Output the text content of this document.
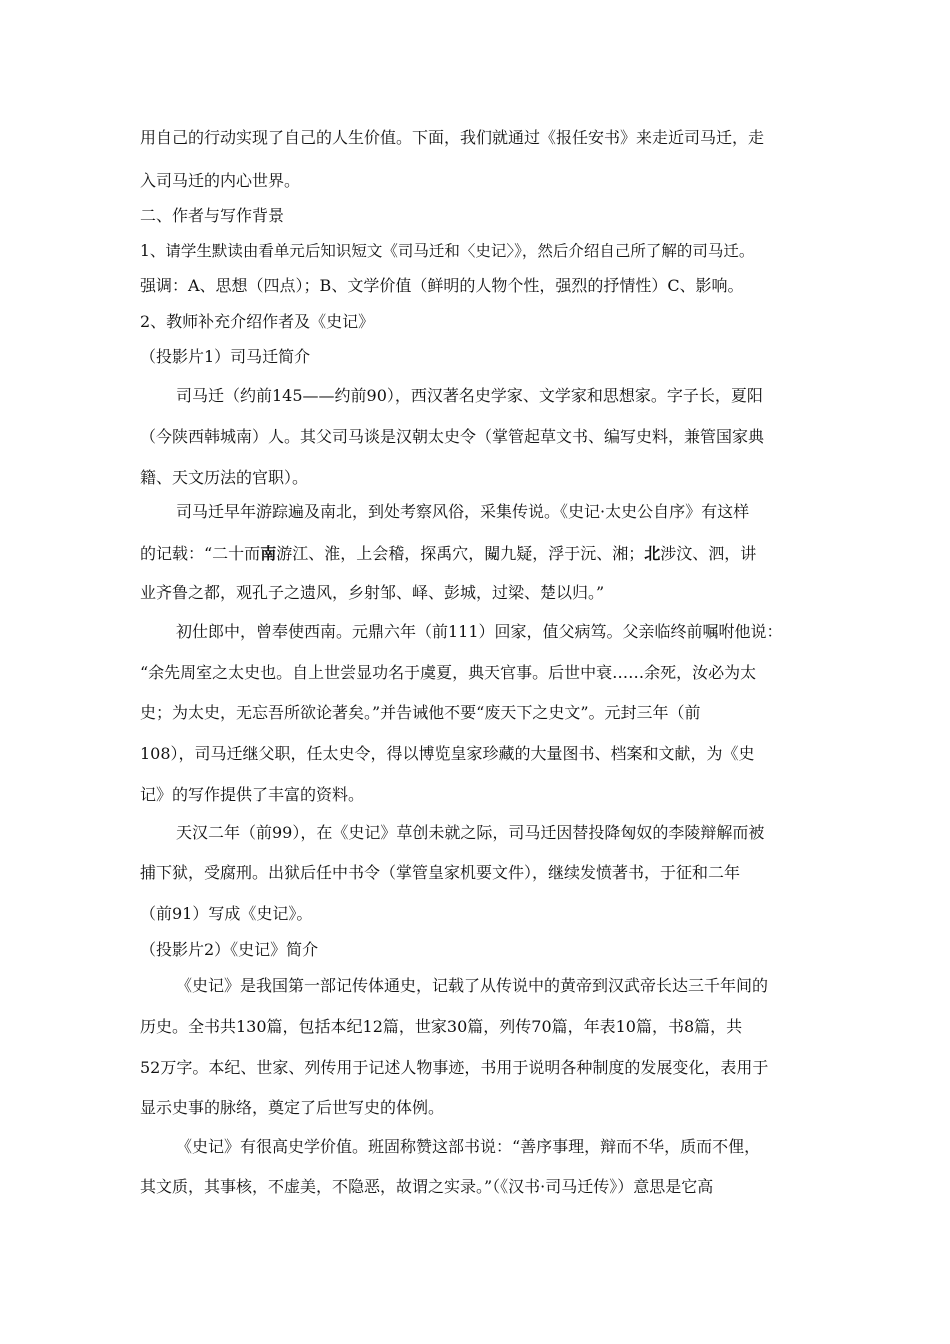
用自己的行动实现了自己的人生价值。下面，我们就通过《报任安书》来走近司马迁，走
入司马迁的内心世界。
二、作者与写作背景
1、请学生默读由看单元后知识短文《司马迁和〈史记〉》，然后介绍自己所了解的司马迁。
强调：A、思想（四点）；B、文学价值（鲜明的人物个性，强烈的抒情性）C、影响。
2、教师补充介绍作者及《史记》
（投影片1）司马迁简介
司马迁（约前145——约前90），西汉著名史学家、文学家和思想家。字子长，夏阳
（今陕西韩城南）人。其父司马谈是汉朝太史令（掌管起草文书、编写史料，兼管国家典
籍、天文历法的官职）。
司马迁早年游踪遍及南北，到处考察风俗，采集传说。《史记·太史公自序》有这样
的记载：“二十而南游江、淮，上会稽，探禹穴，闚九疑，浮于沅、湘；北涉汶、泗，讲
业齐鲁之都，观孔子之遗风，乡射邹、峄、彭城，过梁、楚以归。”
初仕郎中，曾奉使西南。元鼎六年（前111）回家，值父病笃。父亲临终前嘱咐他说：
“余先周室之太史也。自上世尝显功名于虞夏，典天官事。后世中衰……余死，汝必为太
史；为太史，无忘吾所欲论著矣。”并告诫他不要“废天下之史文”。元封三年（前
108），司马迁继父职，任太史令，得以博览皇家珍藏的大量图书、档案和文献，为《史
记》的写作提供了丰富的资料。
天汉二年（前99），在《史记》草创未就之际，司马迁因替投降匈奴的李陵辩解而被
捕下狱，受腐刑。出狱后任中书令（掌管皇家机要文件），继续发愤著书，于征和二年
（前91）写成《史记》。
（投影片2）《史记》简介
《史记》是我国第一部记传体通史，记载了从传说中的黄帝到汉武帝长达三千年间的
历史。全书共130篇，包括本纪12篇，世家30篇，列传70篇，年表10篇，书8篇，共
52万字。本纪、世家、列传用于记述人物事迹，书用于说明各种制度的发展变化，表用于
显示史事的脉络，奠定了后世写史的体例。
《史记》有很高史学价值。班固称赞这部书说：“善序事理，辩而不华，质而不俚，
其文质，其事核，不虚美，不隐恶，故谓之实录。”（《汉书·司马迁传》）意思是它高
